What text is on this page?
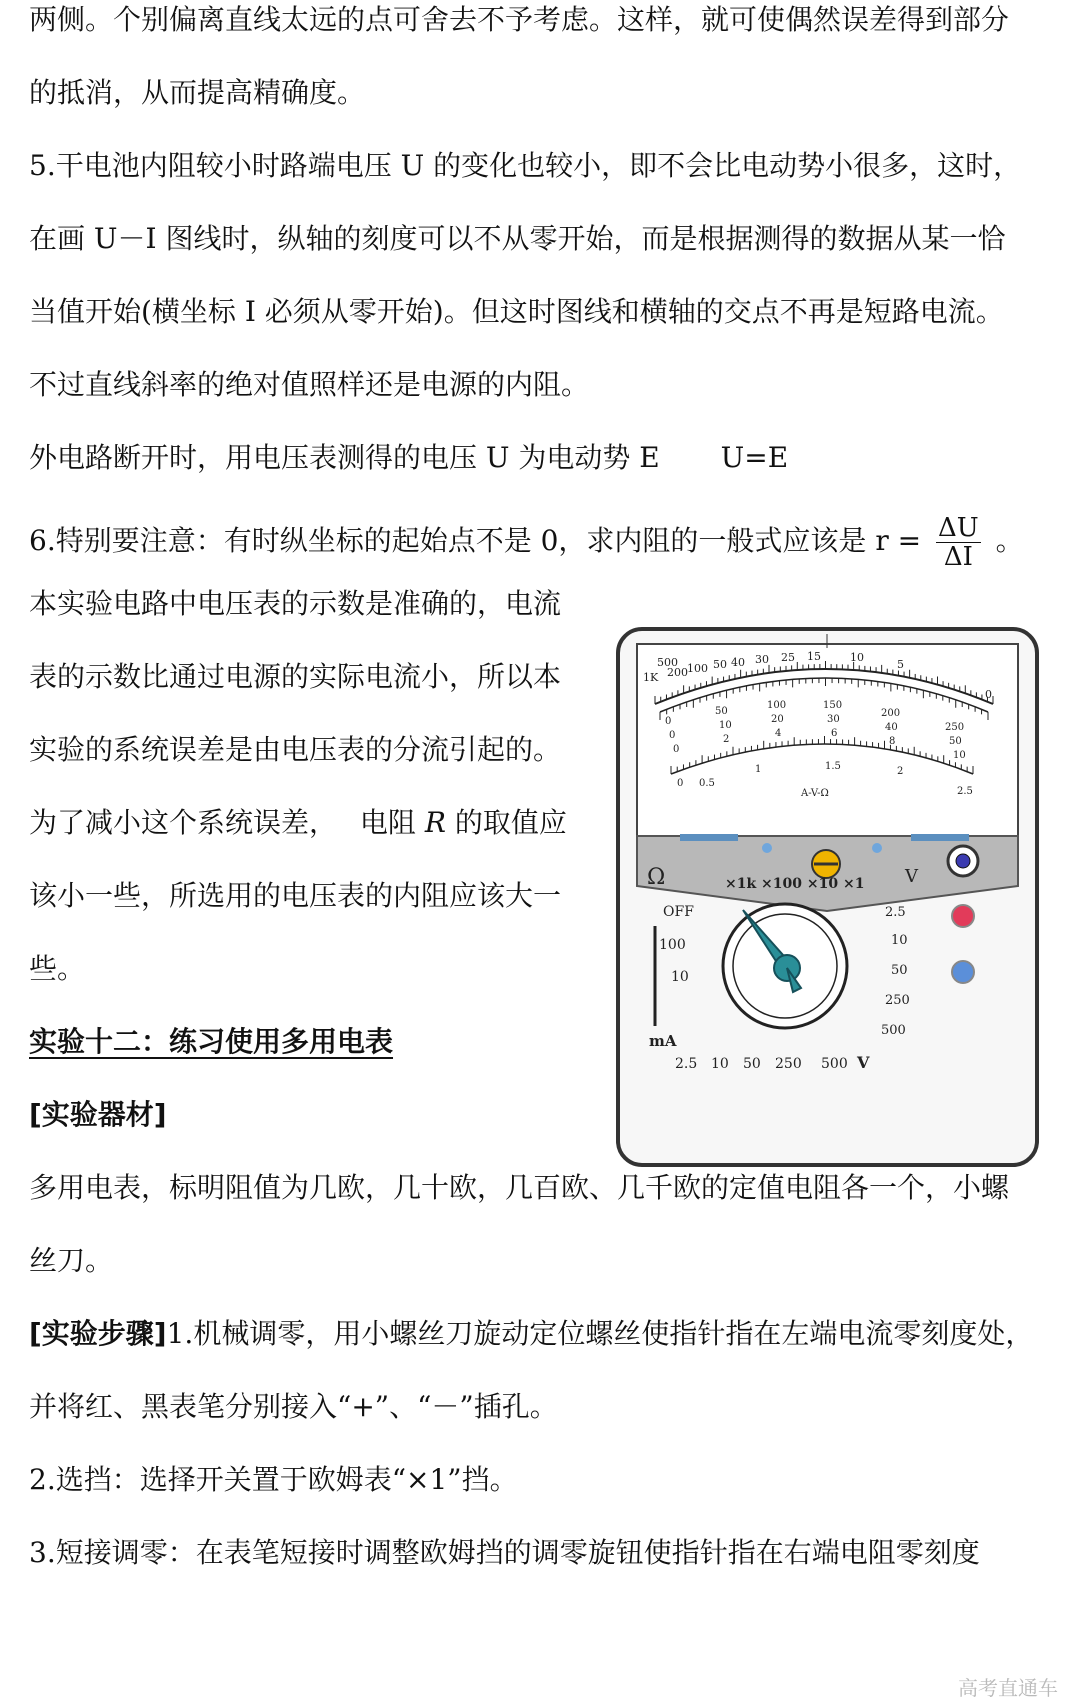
两侧。个别偏离直线太远的点可舍去不予考虑。这样，就可使偶然误差得到部分
的抵消，从而提高精确度。
5.干电池内阻较小时路端电压 U 的变化也较小，即不会比电动势小很多，这时，
在画 U－I 图线时，纵轴的刻度可以不从零开始，而是根据测得的数据从某一恰
当值开始(横坐标 I 必须从零开始)。但这时图线和横轴的交点不再是短路电流。
不过直线斜率的绝对值照样还是电源的内阻。
外电路断开时，用电压表测得的电压 U 为电动势 E U=E
6.特别要注意：有时纵坐标的起始点不是 0，求内阻的一般式应该是 $r = \frac{\Delta U}{\Delta I}$ 。
本实验电路中电压表的示数是准确的，电流
表的示数比通过电源的实际电流小，所以本
实验的系统误差是由电压表的分流引起的。
为了减小这个系统误差， 电阻 R 的取值应
该小一些，所选用的电压表的内阻应该大一
些。
实验十二：练习使用多用电表
[实验器材]
多用电表，标明阻值为几欧，几十欧，几百欧、几千欧的定值电阻各一个，小螺
丝刀。
[实验步骤]1.机械调零，用小螺丝刀旋动定位螺丝使指针指在左端电流零刻度处，
并将红、黑表笔分别接入“+”、“－”插孔。
2.选挡：选择开关置于欧姆表“×1”挡。
3.短接调零：在表笔短接时调整欧姆挡的调零旋钮使指针指在右端电阻零刻度
高考直通车
500
1K 200 100 50 40 30 25 15	10
5
0
0
50
100	150
200
250
0
10
20	30
40
50
0
2
4	6
8
10
0 0.5
1	1.5	2
2.5
A-V-Ω
Ω	×1k ×100 ×10 ×1 V
OFF
100
10
mA
2.5
10
50
250
500
2.5 10 50 250 500 V
